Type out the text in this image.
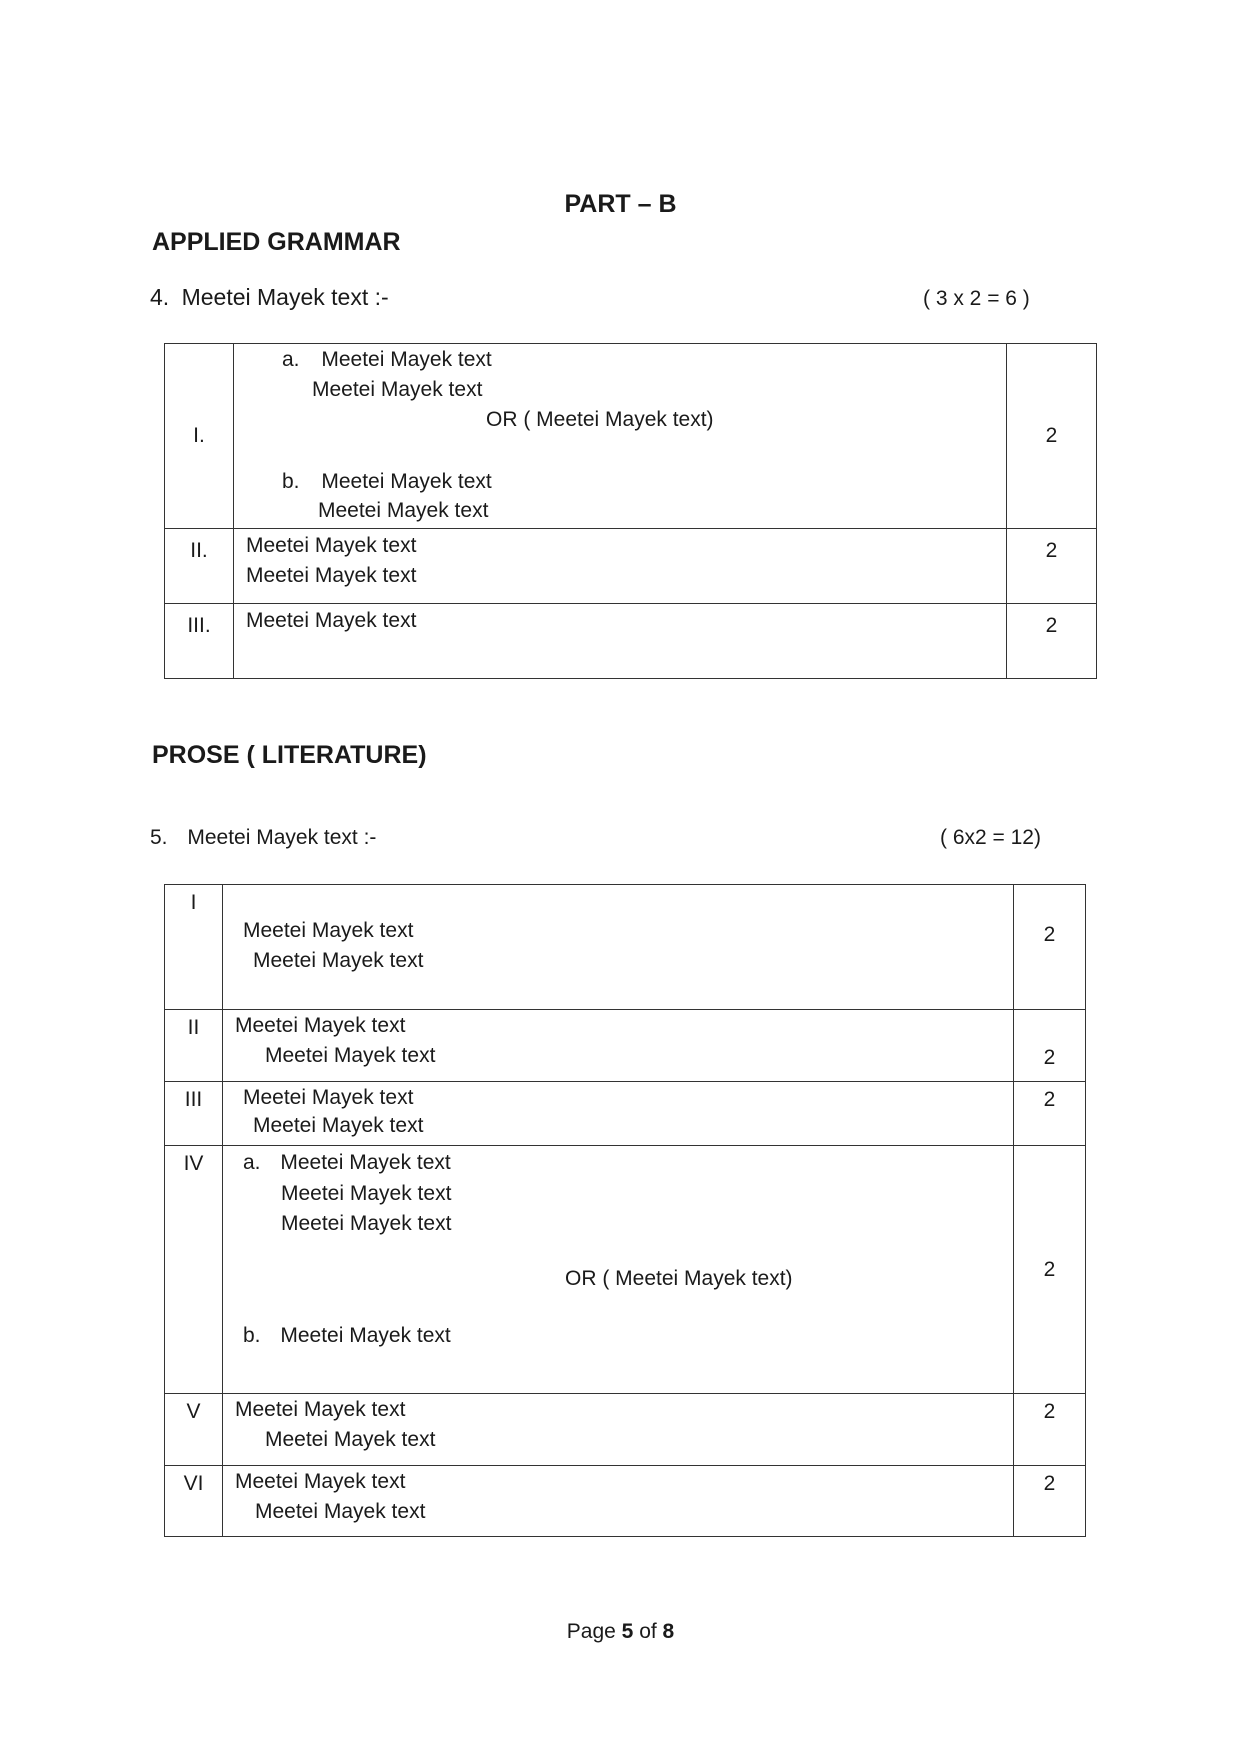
PART – B
APPLIED GRAMMAR
4. Meetei Mayek text :-	( 3 x 2 = 6 )
I.	a. Meetei Mayek text
Meetei Mayek text
OR ( Meetei Mayek text)
b. Meetei Mayek text
Meetei Mayek text	2
II.	Meetei Mayek text
Meetei Mayek text	2
III.	Meetei Mayek text	2
PROSE ( LITERATURE)
5. Meetei Mayek text :-	( 6x2 = 12)
I	Meetei Mayek text
Meetei Mayek text	2
II	Meetei Mayek text
Meetei Mayek text	2
III	Meetei Mayek text
Meetei Mayek text	2
IV	a. Meetei Mayek text
Meetei Mayek text
Meetei Mayek text
OR ( Meetei Mayek text)
b. Meetei Mayek text	2
V	Meetei Mayek text
Meetei Mayek text	2
VI	Meetei Mayek text
Meetei Mayek text	2
Page 5 of 8
